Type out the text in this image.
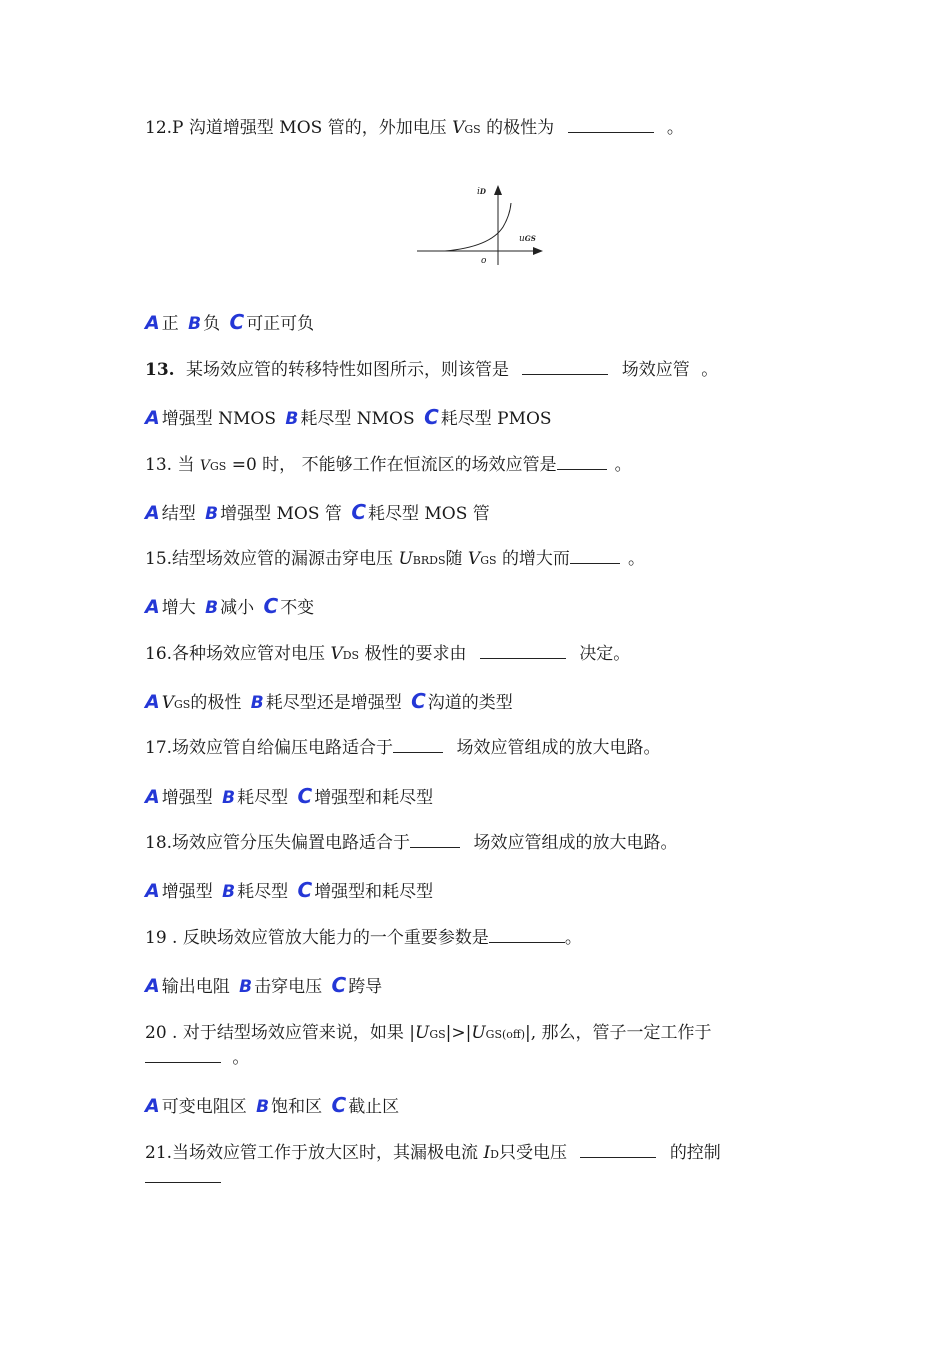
12.P 沟道增强型 MOS 管的，外加电压 VGS 的极性为	。
iD
uGS
o
A 正 B 负 C 可正可负
13. 某场效应管的转移特性如图所示，则该管是	场效应管 。
A 增强型 NMOS B 耗尽型 NMOS C 耗尽型 PMOS
13. 当 VGS =0 时， 不能够工作在恒流区的场效应管是	。
A 结型 B 增强型 MOS 管 C 耗尽型 MOS 管
15.结型场效应管的漏源击穿电压 UBRDS随 VGS 的增大而	。
A 增大 B 减小 C 不变
16.各种场效应管对电压 VDS 极性的要求由	决定。
A VGS的极性 B 耗尽型还是增强型 C 沟道的类型
17.场效应管自给偏压电路适合于	场效应管组成的放大电路。
A 增强型 B 耗尽型 C 增强型和耗尽型
18.场效应管分压失偏置电路适合于	场效应管组成的放大电路。
A 增强型 B 耗尽型 C 增强型和耗尽型
19 . 反映场效应管放大能力的一个重要参数是	。
A 输出电阻 B 击穿电压 C 跨导
20 . 对于结型场效应管来说，如果 |UGS|>|UGS(off)|, 那么，管子一定工作于
。
A 可变电阻区 B 饱和区 C 截止区
21.当场效应管工作于放大区时，其漏极电流 ID只受电压	的控制
